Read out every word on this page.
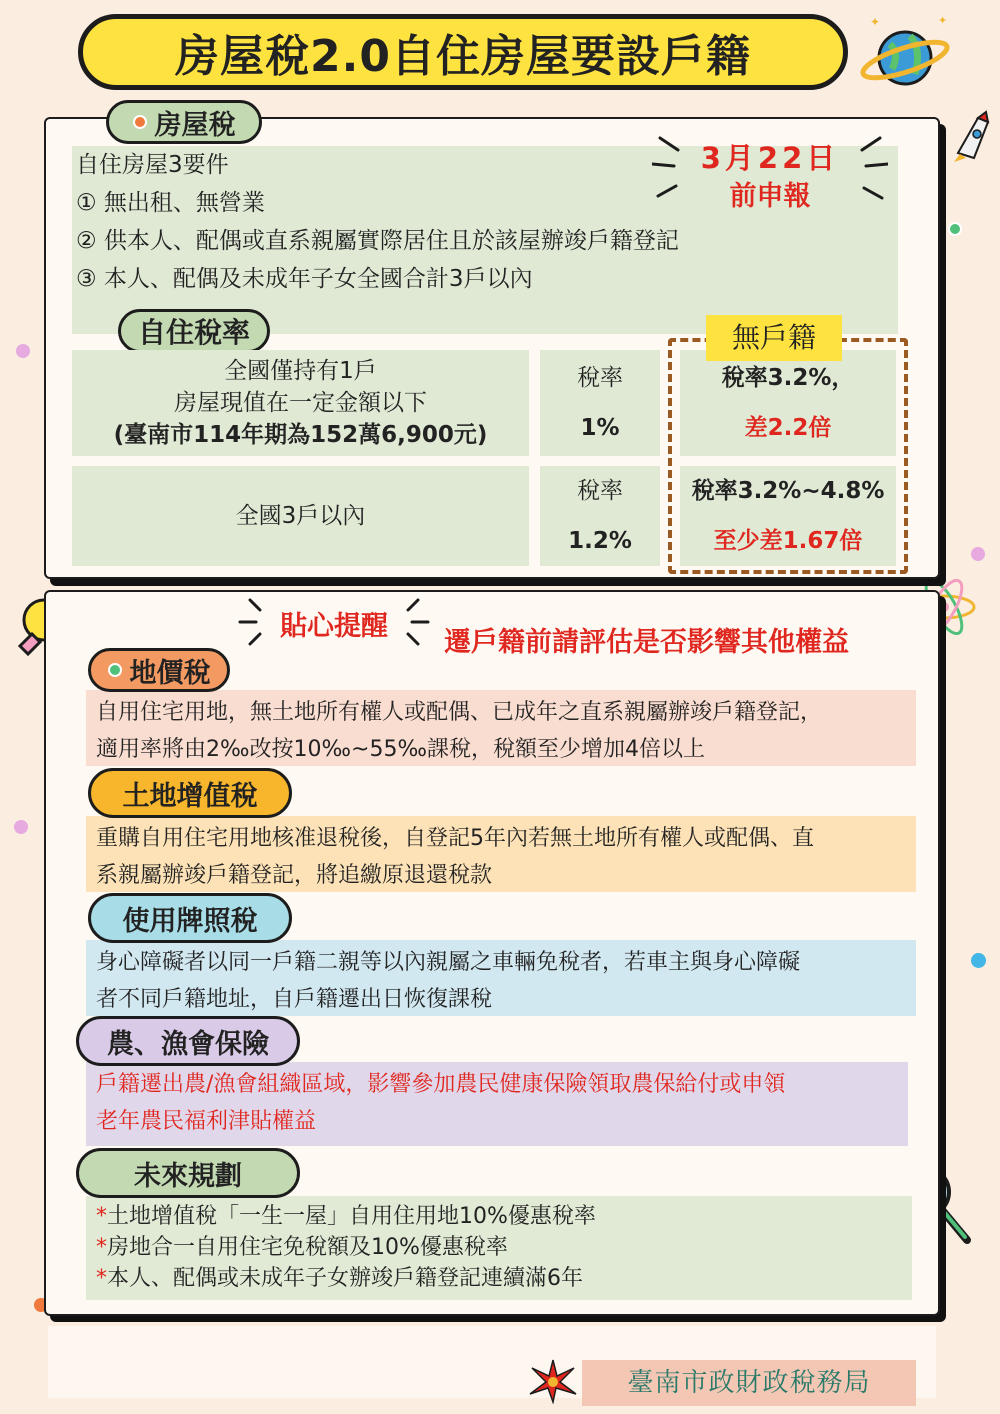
✦	✦
房屋稅2.0自住房屋要設戶籍
房屋稅
自住房屋3要件
① 無出租、無營業
② 供本人、配偶或直系親屬實際居住且於該屋辦竣戶籍登記
③ 本人、配偶及未成年子女全國合計3戶以內
3月22日
前申報
自住稅率
全國僅持有1戶
房屋現值在一定金額以下
(臺南市114年期為152萬6,900元)
稅率
1%
全國3戶以內
稅率
1.2%
稅率3.2%，
差2.2倍
稅率3.2%~4.8%
至少差1.67倍
無戶籍
貼心提醒
遷戶籍前請評估是否影響其他權益
自用住宅用地，無土地所有權人或配偶、已成年之直系親屬辦竣戶籍登記，
適用率將由2‰改按10‰~55‰課稅，稅額至少增加4倍以上
地價稅
重購自用住宅用地核准退稅後，自登記5年內若無土地所有權人或配偶、直
系親屬辦竣戶籍登記，將追繳原退還稅款
土地增值稅
身心障礙者以同一戶籍二親等以內親屬之車輛免稅者，若車主與身心障礙
者不同戶籍地址，自戶籍遷出日恢復課稅
使用牌照稅
戶籍遷出農/漁會組織區域，影響參加農民健康保險領取農保給付或申領
老年農民福利津貼權益
農、漁會保險
*土地增值稅「一生一屋」自用住用地10%優惠稅率
*房地合一自用住宅免稅額及10%優惠稅率
*本人、配偶或未成年子女辦竣戶籍登記連續滿6年
未來規劃
臺南市政財政稅務局
